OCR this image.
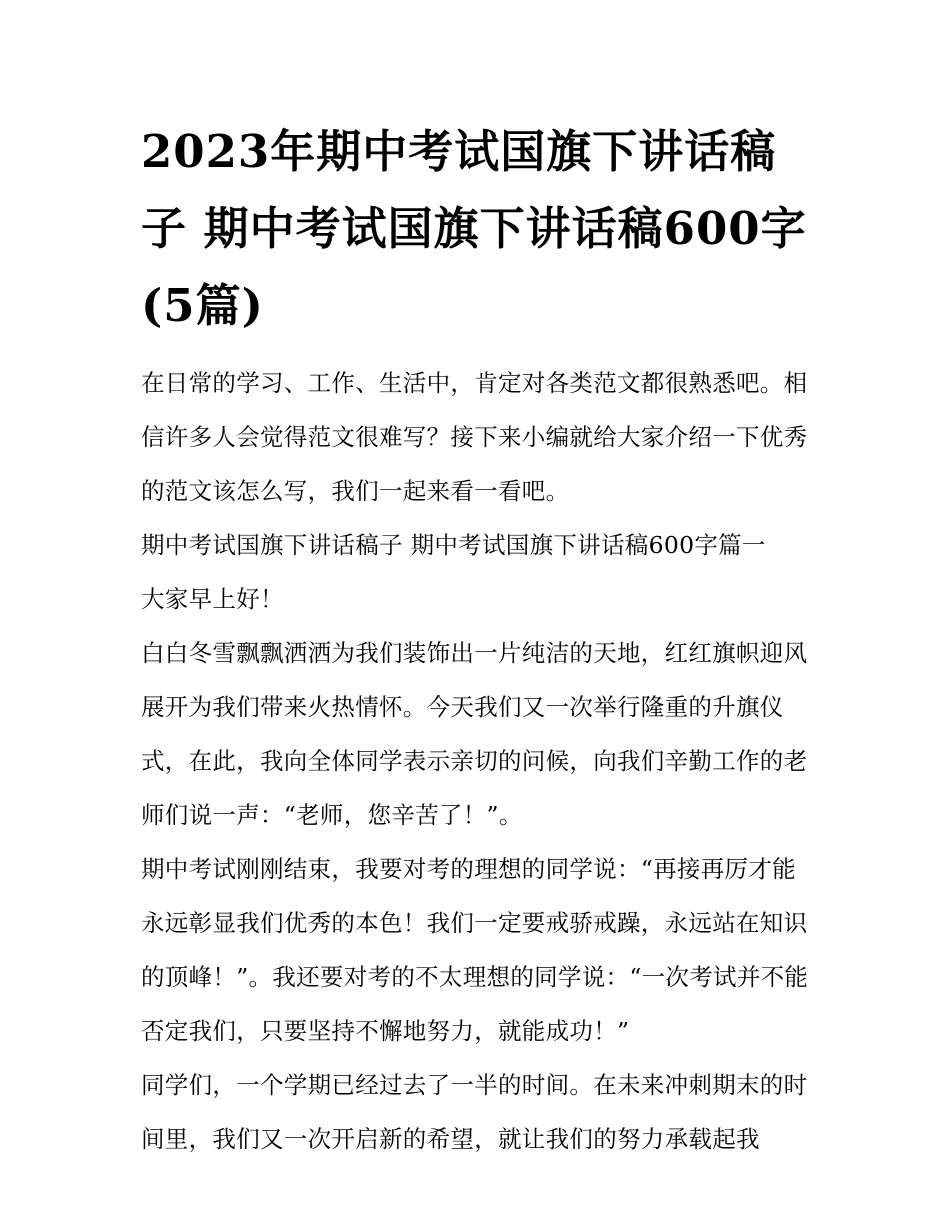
2023年期中考试国旗下讲话稿子 期中考试国旗下讲话稿600字(5篇)

在日常的学习、工作、生活中，肯定对各类范文都很熟悉吧。相信许多人会觉得范文很难写？接下来小编就给大家介绍一下优秀的范文该怎么写，我们一起来看一看吧。

期中考试国旗下讲话稿子 期中考试国旗下讲话稿600字篇一

大家早上好！

白白冬雪飘飘洒洒为我们装饰出一片纯洁的天地，红红旗帜迎风展开为我们带来火热情怀。今天我们又一次举行隆重的升旗仪式，在此，我向全体同学表示亲切的问候，向我们辛勤工作的老师们说一声：“老师，您辛苦了！”。

期中考试刚刚结束，我要对考的理想的同学说：“再接再厉才能永远彰显我们优秀的本色！我们一定要戒骄戒躁，永远站在知识的顶峰！”。我还要对考的不太理想的同学说：“一次考试并不能否定我们，只要坚持不懈地努力，就能成功！”

同学们，一个学期已经过去了一半的时间。在未来冲刺期末的时间里，我们又一次开启新的希望，就让我们的努力承载起我
